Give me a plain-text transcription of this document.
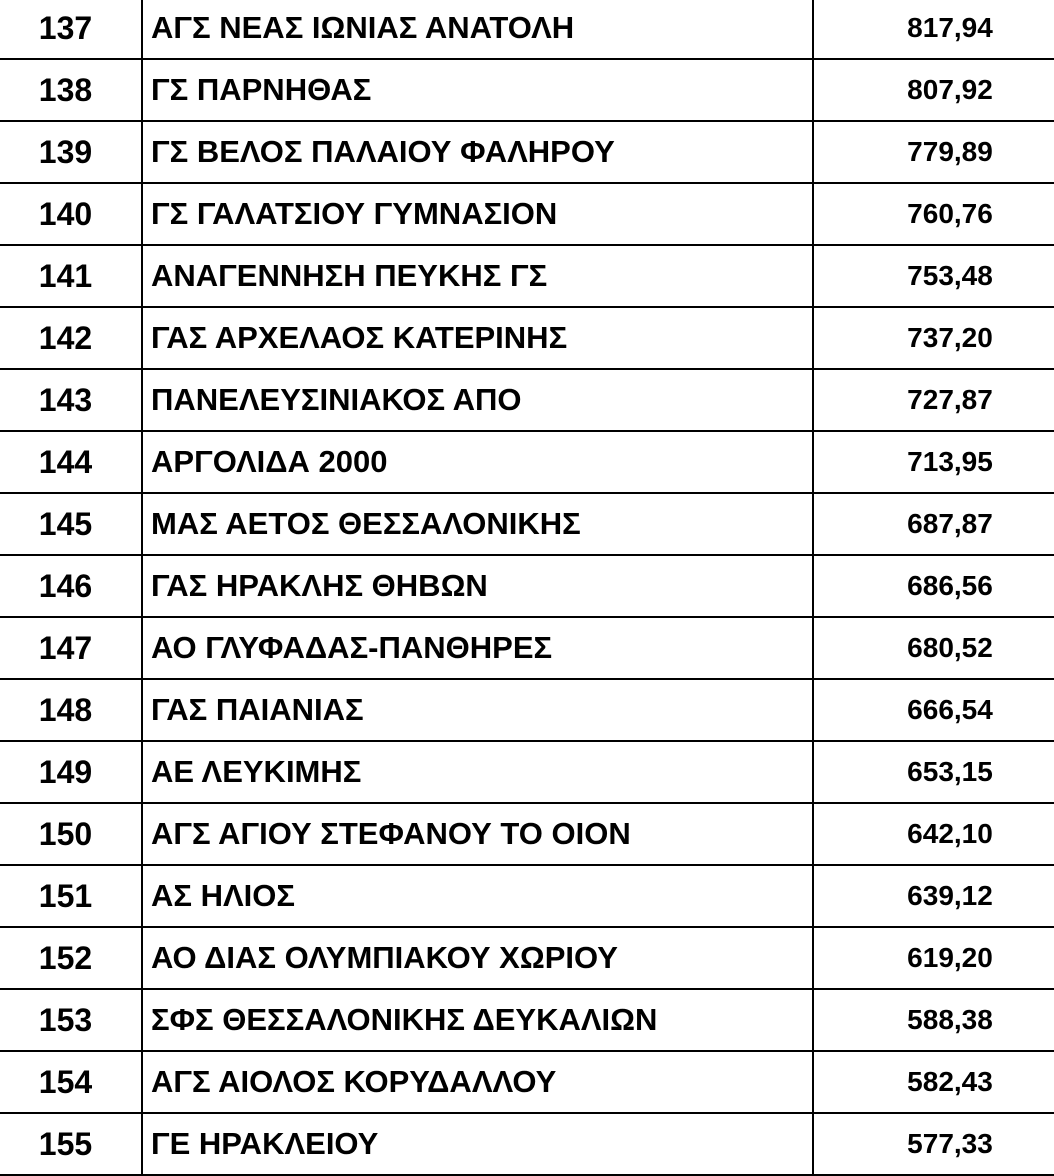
137	ΑΓΣ ΝΕΑΣ ΙΩΝΙΑΣ ΑΝΑΤΟΛΗ	817,94
138	ΓΣ ΠΑΡΝΗΘΑΣ	807,92
139	ΓΣ ΒΕΛΟΣ ΠΑΛΑΙΟΥ ΦΑΛΗΡΟΥ	779,89
140	ΓΣ ΓΑΛΑΤΣΙΟΥ ΓΥΜΝΑΣΙΟΝ	760,76
141	ΑΝΑΓΕΝΝΗΣΗ ΠΕΥΚΗΣ ΓΣ	753,48
142	ΓΑΣ ΑΡΧΕΛΑΟΣ ΚΑΤΕΡΙΝΗΣ	737,20
143	ΠΑΝΕΛΕΥΣΙΝΙΑΚΟΣ ΑΠΟ	727,87
144	ΑΡΓΟΛΙΔΑ 2000	713,95
145	ΜΑΣ ΑΕΤΟΣ ΘΕΣΣΑΛΟΝΙΚΗΣ	687,87
146	ΓΑΣ ΗΡΑΚΛΗΣ ΘΗΒΩΝ	686,56
147	ΑΟ ΓΛΥΦΑΔΑΣ-ΠΑΝΘΗΡΕΣ	680,52
148	ΓΑΣ ΠΑΙΑΝΙΑΣ	666,54
149	ΑΕ ΛΕΥΚΙΜΗΣ	653,15
150	ΑΓΣ ΑΓΙΟΥ ΣΤΕΦΑΝΟΥ ΤΟ ΟΙΟΝ	642,10
151	ΑΣ ΗΛΙΟΣ	639,12
152	ΑΟ ΔΙΑΣ ΟΛΥΜΠΙΑΚΟΥ ΧΩΡΙΟΥ	619,20
153	ΣΦΣ ΘΕΣΣΑΛΟΝΙΚΗΣ ΔΕΥΚΑΛΙΩΝ	588,38
154	ΑΓΣ ΑΙΟΛΟΣ ΚΟΡΥΔΑΛΛΟΥ	582,43
155	ΓΕ ΗΡΑΚΛΕΙΟΥ	577,33
